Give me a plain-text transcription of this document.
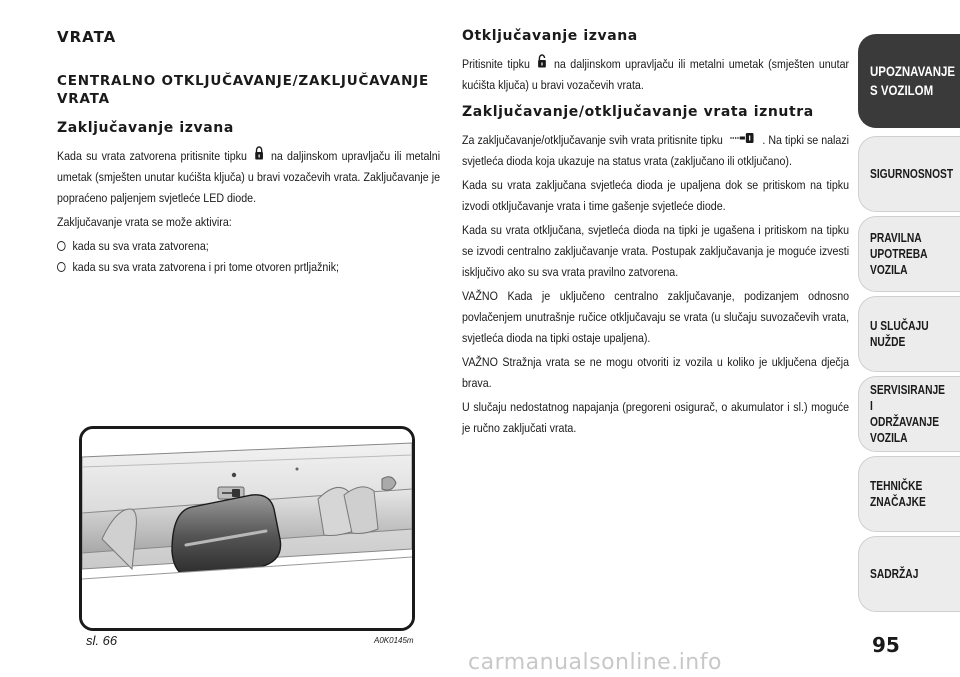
VRATA
CENTRALNO OTKLJUČAVANJE/ZAKLJUČAVANJE VRATA
Zaključavanje izvana

Kada su vrata zatvorena pritisnite tipku na daljinskom upravljaču ili metalni umetak (smješten unutar kućišta ključa) u bravi vozačevih vrata. Zaključavanje je popraćeno paljenjem svjetleće LED diode.

Zaključavanje vrata se može aktivira:

kada su sva vrata zatvorena;
kada su sva vrata zatvorena i pri tome otvoren prtljažnik;
Otključavanje izvana

Pritisnite tipku na daljinskom upravljaču ili metalni umetak (smješten unutar kućišta ključa) u bravi vozačevih vrata.

Zaključavanje/otključavanje vrata iznutra

Za zaključavanje/otključavanje svih vrata pritisnite tipku	. Na tipki se nalazi svjetleća dioda koja ukazuje na status vrata (zaključano ili otključano).

Kada su vrata zaključana svjetleća dioda je upaljena dok se pritiskom na tipku izvodi otključavanje vrata i time gašenje svjetleće diode.

Kada su vrata otključana, svjetleća dioda na tipki je ugašena i pritiskom na tipku se izvodi centralno zaključavanje vrata. Postupak zaključavanja je moguće izvesti isključivo ako su sva vrata pravilno zatvorena.

VAŽNO Kada je uključeno centralno zaključavanje, podizanjem odnosno povlačenjem unutrašnje ručice otključavaju se vrata (u slučaju suvozačevih vrata, svjetleća dioda na tipki ostaje upaljena).

VAŽNO Stražnja vrata se ne mogu otvoriti iz vozila u koliko je uključena dječja brava.

U slučaju nedostatnog napajanja (pregoreni osigurač, o akumulator i sl.) moguće je ručno zaključati vrata.

sl. 66	A0K0145m
UPOZNAVANJE
S VOZILOM
SIGURNOSNOST
PRAVILNA
UPOTREBA
VOZILA
U SLUČAJU
NUŽDE
SERVISIRANJE I
ODRŽAVANJE
VOZILA
TEHNIČKE
ZNAČAJKE
SADRŽAJ
95
carmanualsonline.info
